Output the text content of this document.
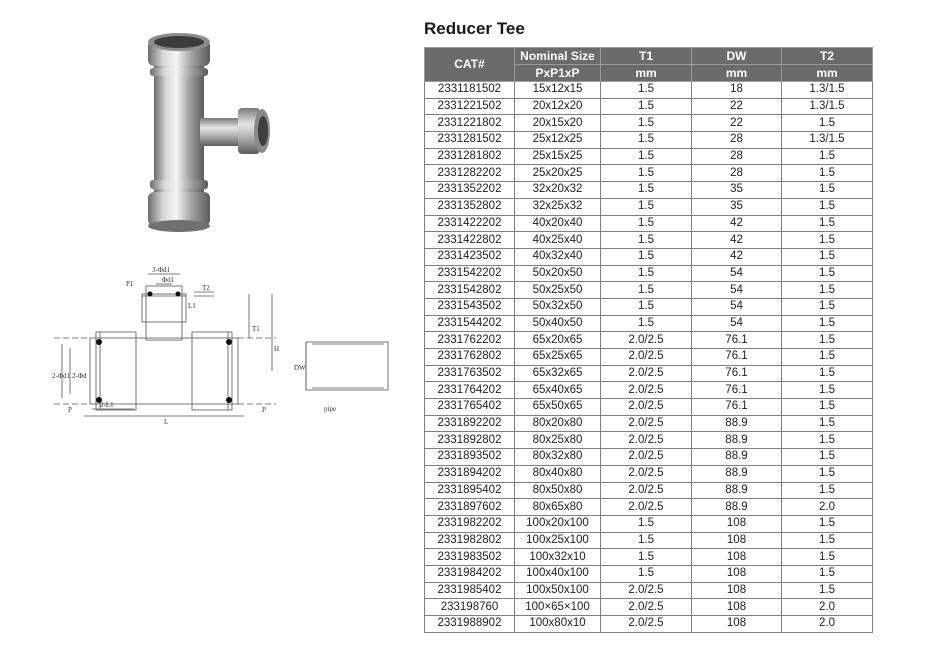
P1
P	P
L
T1
T2
pipe
DW
3-Φd1
Φd1
L1
H
2-Φd
2-Φd1
2-L1
Reducer Tee
CAT#	Nominal Size	T1	DW	T2
	PxP1xP	mm	mm	mm
2331181502	15x12x15	1.5	18	1.3/1.5
2331221502	20x12x20	1.5	22	1.3/1.5
2331221802	20x15x20	1.5	22	1.5
2331281502	25x12x25	1.5	28	1.3/1.5
2331281802	25x15x25	1.5	28	1.5
2331282202	25x20x25	1.5	28	1.5
2331352202	32x20x32	1.5	35	1.5
2331352802	32x25x32	1.5	35	1.5
2331422202	40x20x40	1.5	42	1.5
2331422802	40x25x40	1.5	42	1.5
2331423502	40x32x40	1.5	42	1.5
2331542202	50x20x50	1.5	54	1.5
2331542802	50x25x50	1.5	54	1.5
2331543502	50x32x50	1.5	54	1.5
2331544202	50x40x50	1.5	54	1.5
2331762202	65x20x65	2.0/2.5	76.1	1.5
2331762802	65x25x65	2.0/2.5	76.1	1.5
2331763502	65x32x65	2.0/2.5	76.1	1.5
2331764202	65x40x65	2.0/2.5	76.1	1.5
2331765402	65x50x65	2.0/2.5	76.1	1.5
2331892202	80x20x80	2.0/2.5	88.9	1.5
2331892802	80x25x80	2.0/2.5	88.9	1.5
2331893502	80x32x80	2.0/2.5	88.9	1.5
2331894202	80x40x80	2.0/2.5	88.9	1.5
2331895402	80x50x80	2.0/2.5	88.9	1.5
2331897602	80x65x80	2.0/2.5	88.9	2.0
2331982202	100x20x100	1.5	108	1.5
2331982802	100x25x100	1.5	108	1.5
2331983502	100x32x10	1.5	108	1.5
2331984202	100x40x100	1.5	108	1.5
2331985402	100x50x100	2.0/2.5	108	1.5
233198760	100×65×100	2.0/2.5	108	2.0
2331988902	100x80x10	2.0/2.5	108	2.0
